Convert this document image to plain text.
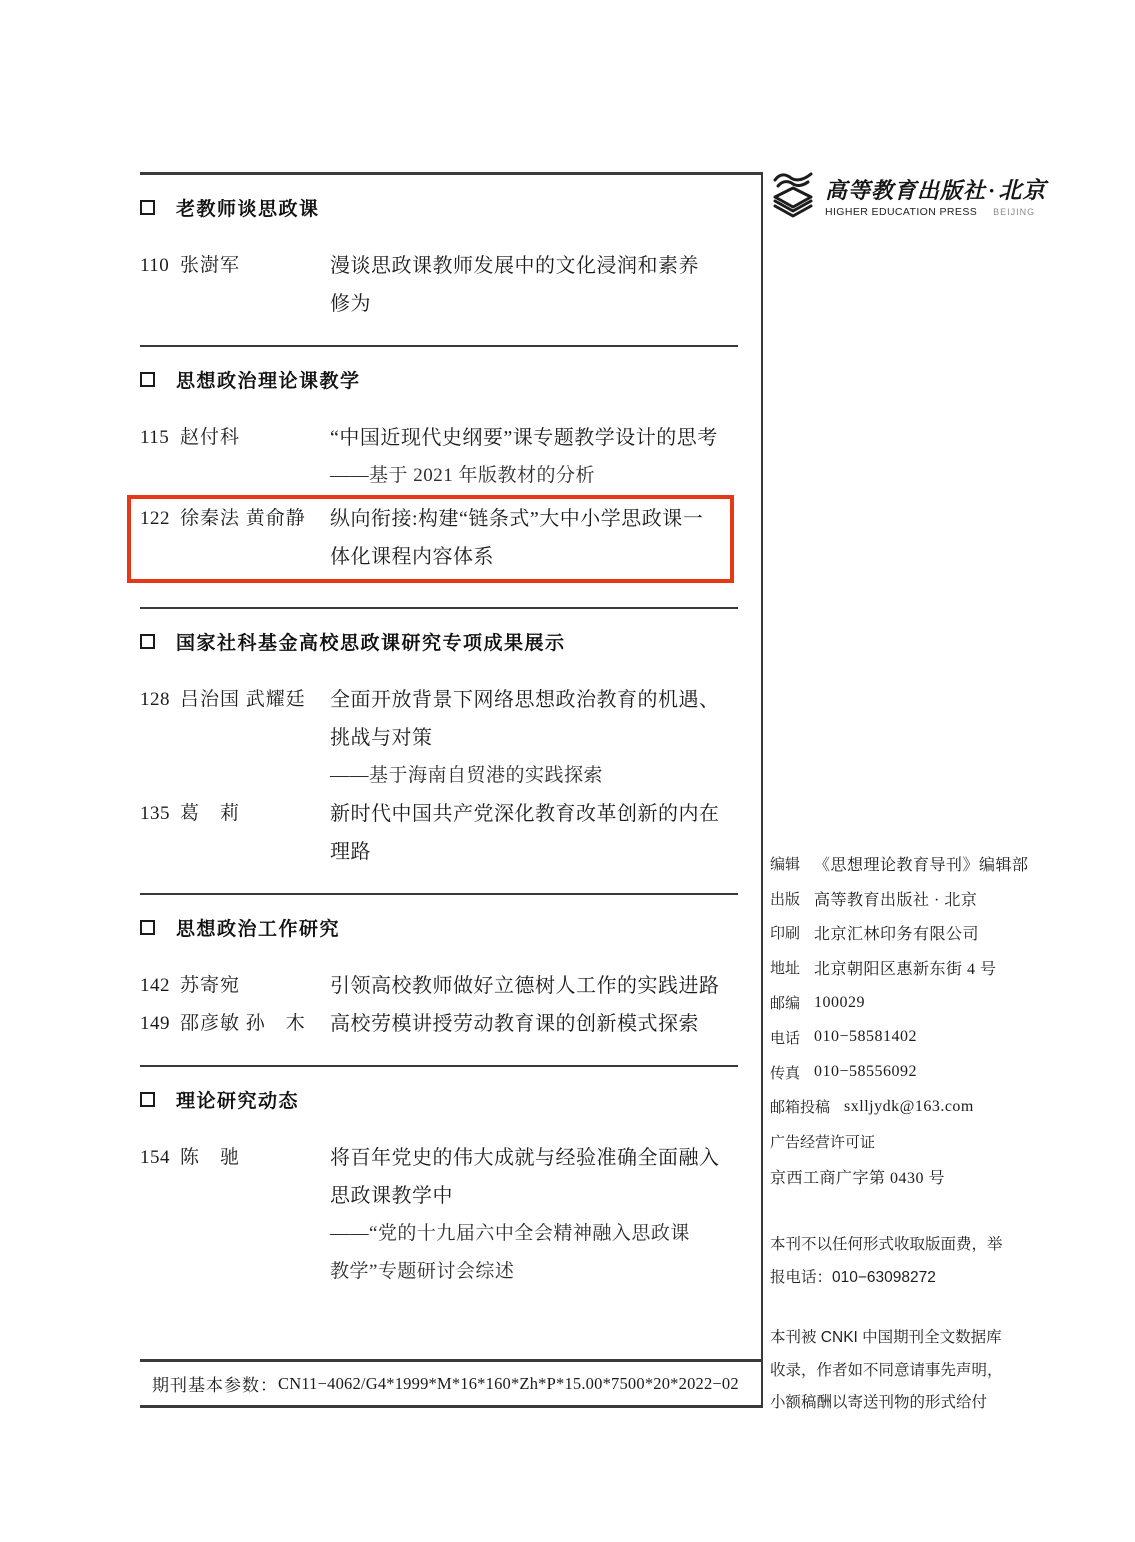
老教师谈思政课
110 张澍军	漫谈思政课教师发展中的文化浸润和素养
修为
思想政治理论课教学
115 赵付科	“中国近现代史纲要”课专题教学设计的思考
——基于 2021 年版教材的分析
122 徐秦法 黄俞静	纵向衔接:构建“链条式”大中小学思政课一
体化课程内容体系
国家社科基金高校思政课研究专项成果展示
128 吕治国 武耀廷	全面开放背景下网络思想政治教育的机遇、
挑战与对策
——基于海南自贸港的实践探索
135 葛　莉	新时代中国共产党深化教育改革创新的内在
理路
思想政治工作研究
142 苏寄宛	引领高校教师做好立德树人工作的实践进路
149 邵彦敏 孙　木	高校劳模讲授劳动教育课的创新模式探索
理论研究动态
154 陈　驰	将百年党史的伟大成就与经验准确全面融入
思政课教学中
——“党的十九届六中全会精神融入思政课
教学”专题研讨会综述
高等教育出版社·北京
HIGHER EDUCATION PRESS BEIJING
编辑 《思想理论教育导刊》编辑部
出版 高等教育出版社 · 北京
印刷 北京汇林印务有限公司
地址 北京朝阳区惠新东街 4 号
邮编 100029
电话 010−58581402
传真 010−58556092
邮箱投稿 sxlljydk@163.com
广告经营许可证
京西工商广字第 0430 号
本刊不以任何形式收取版面费，举
报电话：010−63098272
本刊被 CNKI 中国期刊全文数据库
收录，作者如不同意请事先声明，
小额稿酬以寄送刊物的形式给付
期刊基本参数： CN11−4062/G4*1999*M*16*160*Zh*P*15.00*7500*20*2022−02
